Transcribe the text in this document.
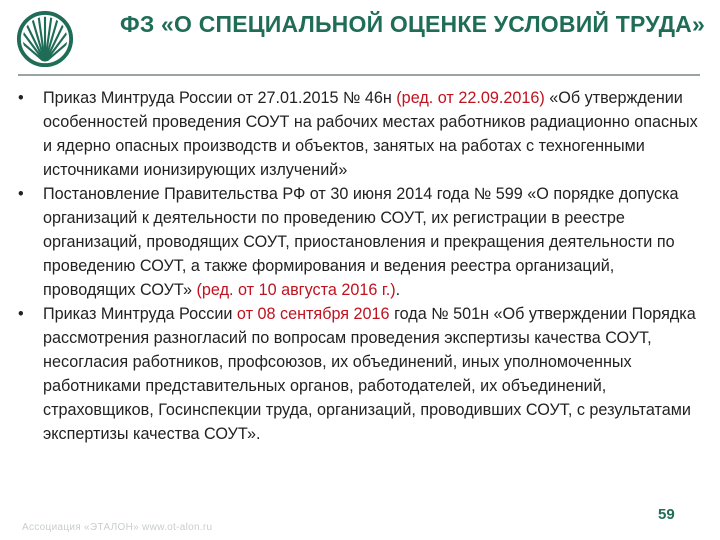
ФЗ «О СПЕЦИАЛЬНОЙ ОЦЕНКЕ УСЛОВИЙ ТРУДА»

•	Приказ Минтруда России от 27.01.2015 № 46н (ред. от 22.09.2016) «Об утверждении особенностей проведения СОУТ на рабочих местах работников радиационно опасных и ядерно опасных производств и объектов, занятых на работах с техногенными источниками ионизирующих излучений»

•	Постановление Правительства РФ от 30 июня 2014 года № 599 «О порядке допуска организаций к деятельности по проведению СОУТ, их регистрации в реестре организаций, проводящих СОУТ, приостановления и прекращения деятельности по проведению СОУТ, а также формирования и ведения реестра организаций, проводящих СОУТ» (ред. от 10 августа 2016 г.).

•	Приказ Минтруда России от 08 сентября 2016 года № 501н «Об утверждении Порядка рассмотрения разногласий по вопросам проведения экспертизы качества СОУТ, несогласия работников, профсоюзов, их объединений, иных уполномоченных работниками представительных органов, работодателей, их объединений, страховщиков, Госинспекции труда, организаций, проводивших СОУТ, с результатами экспертизы качества СОУТ».

Ассоциация «ЭТАЛОН» www.ot-alon.ru
59
